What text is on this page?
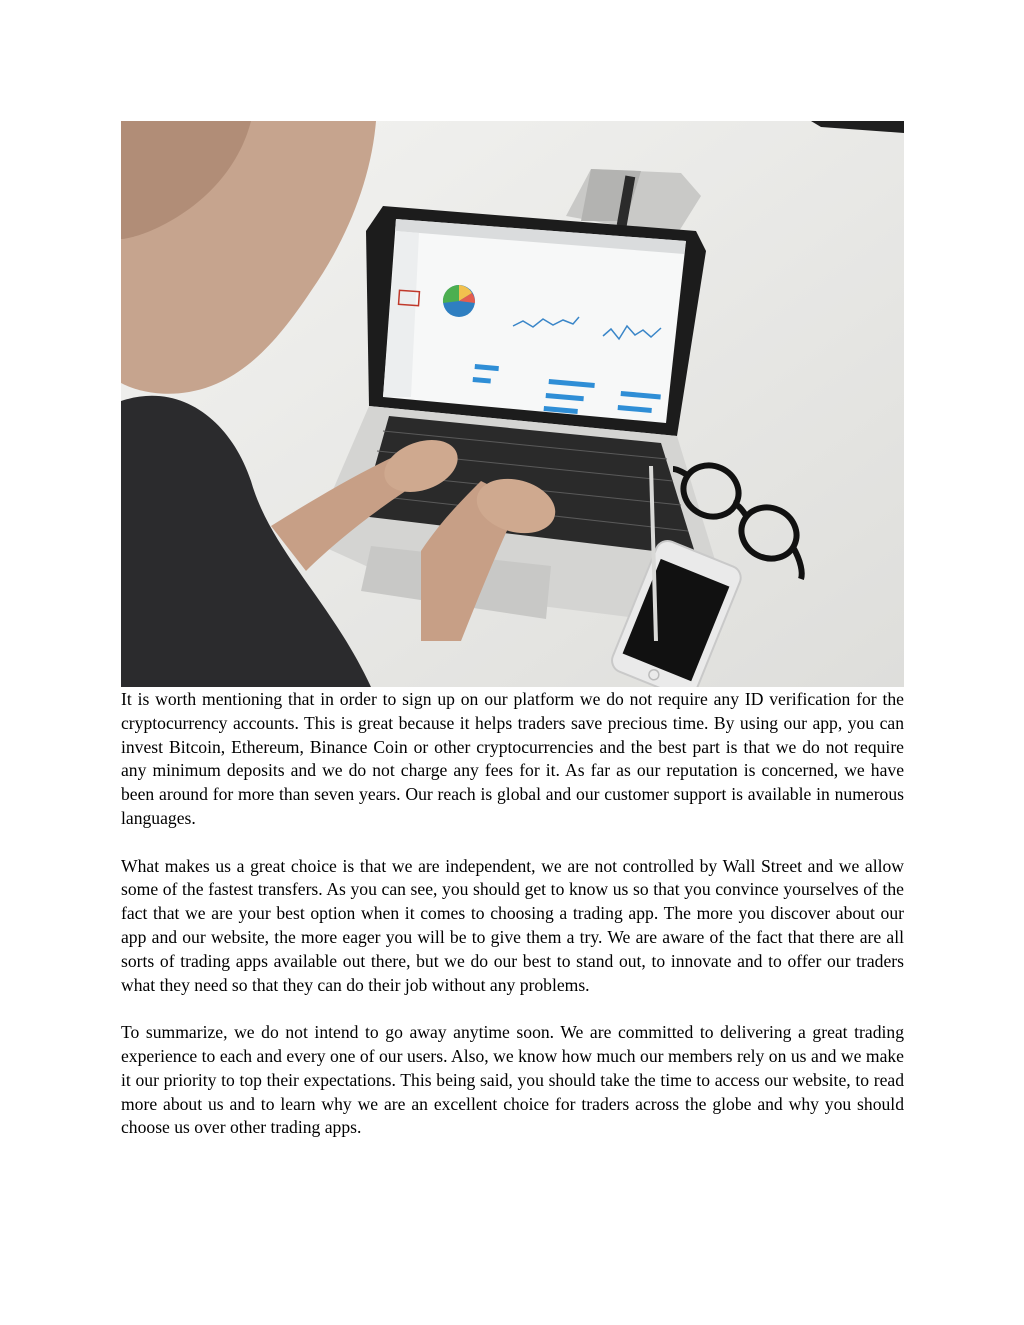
It is worth mentioning that in order to sign up on our platform we do not require any ID verification for the cryptocurrency accounts. This is great because it helps traders save precious time. By using our app, you can invest Bitcoin, Ethereum, Binance Coin or other cryptocurrencies and the best part is that we do not require any minimum deposits and we do not charge any fees for it. As far as our reputation is concerned, we have been around for more than seven years. Our reach is global and our customer support is available in numerous languages.

What makes us a great choice is that we are independent, we are not controlled by Wall Street and we allow some of the fastest transfers. As you can see, you should get to know us so that you convince yourselves of the fact that we are your best option when it comes to choosing a trading app. The more you discover about our app and our website, the more eager you will be to give them a try. We are aware of the fact that there are all sorts of trading apps available out there, but we do our best to stand out, to innovate and to offer our traders what they need so that they can do their job without any problems.

To summarize, we do not intend to go away anytime soon. We are committed to delivering a great trading experience to each and every one of our users. Also, we know how much our members rely on us and we make it our priority to top their expectations. This being said, you should take the time to access our website, to read more about us and to learn why we are an excellent choice for traders across the globe and why you should choose us over other trading apps.
